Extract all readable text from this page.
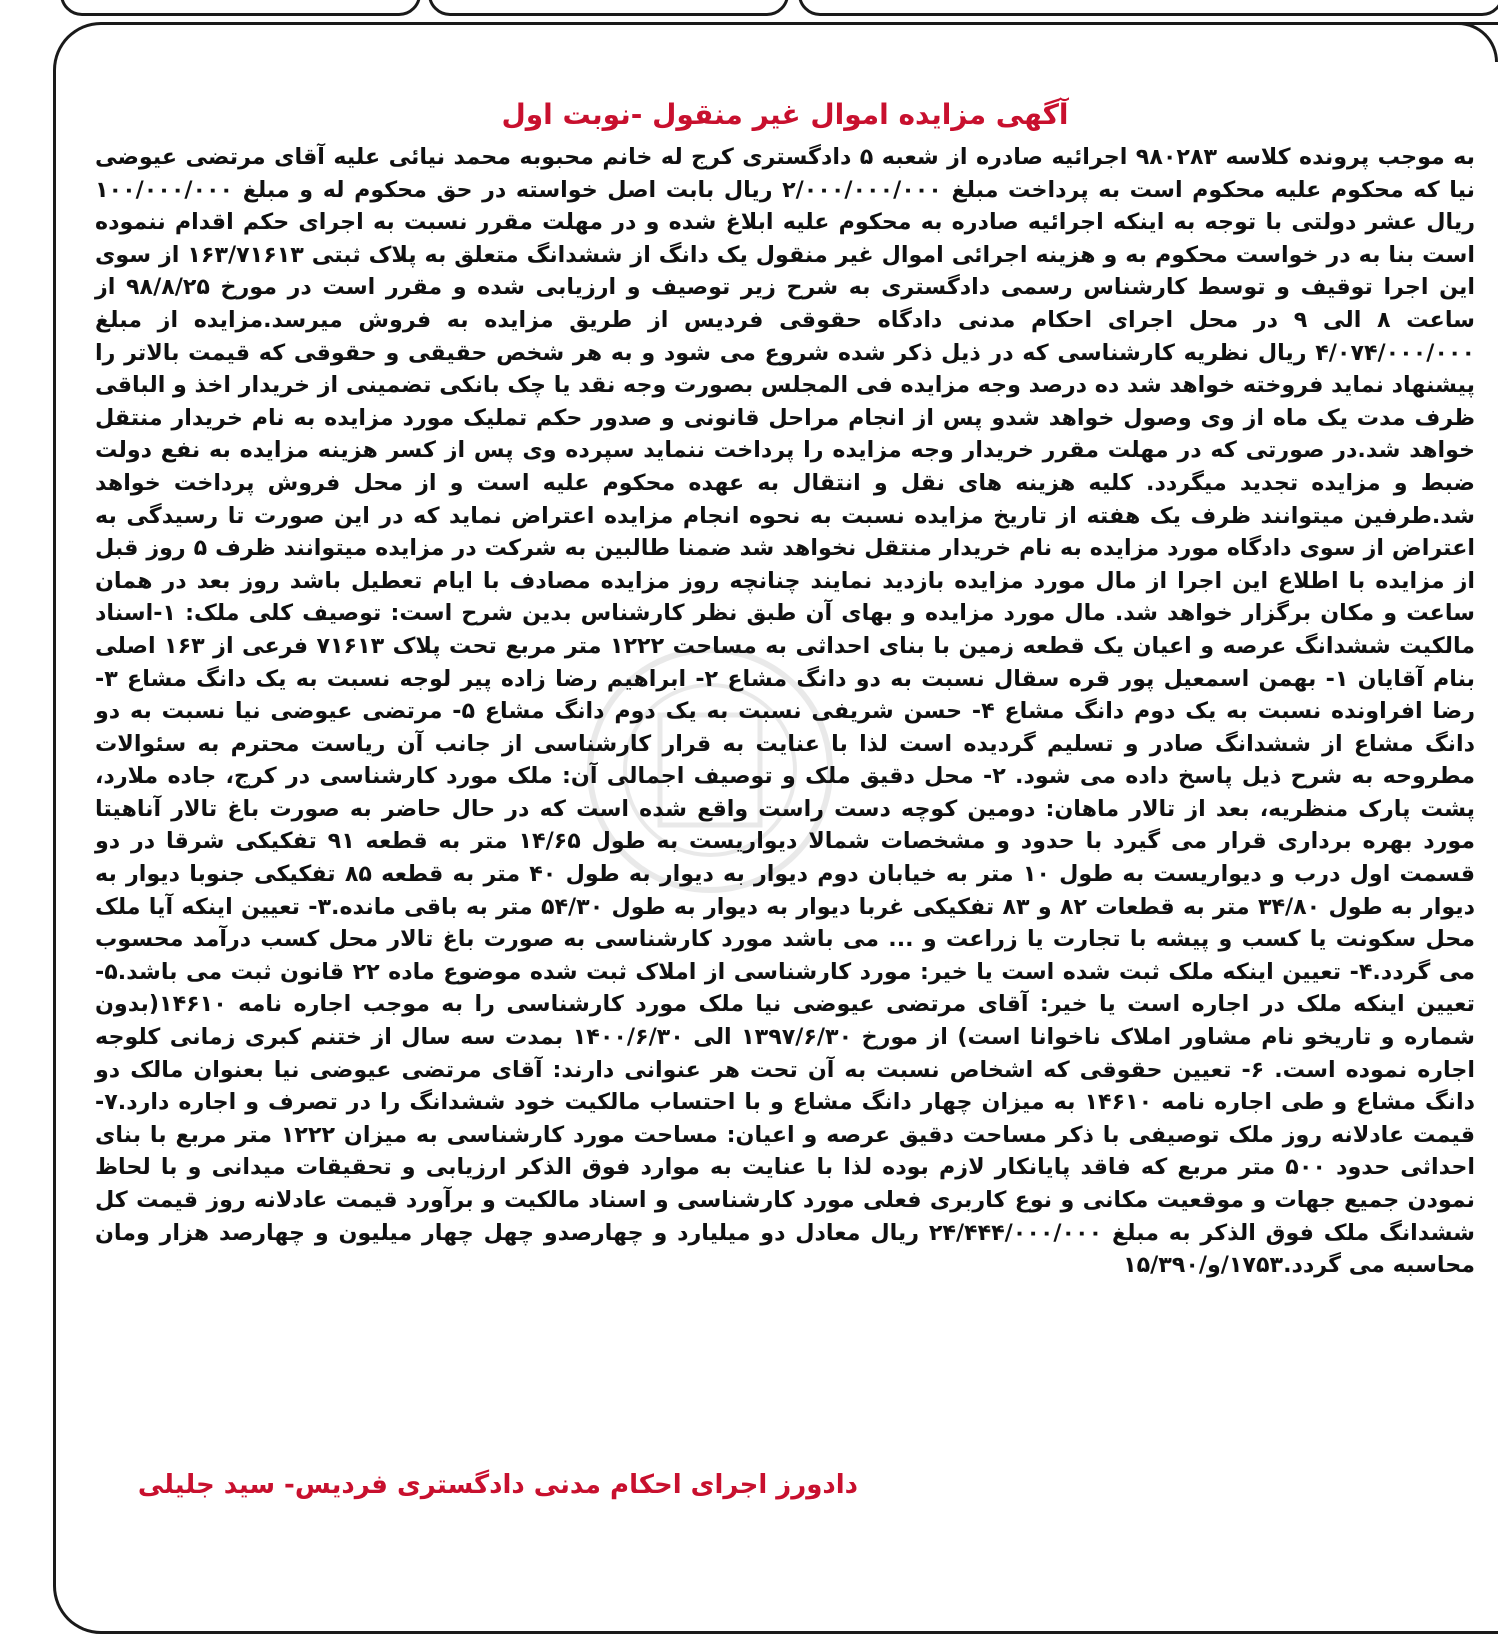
آگهی مزایده اموال غیر منقول -نوبت اول

به موجب پرونده کلاسه ۹۸۰۲۸۳ اجرائیه صادره از شعبه ۵ دادگستری کرج له خانم محبوبه محمد نیائی علیه آقای مرتضی عیوضی نیا که محکوم علیه محکوم است به پرداخت مبلغ ۲/۰۰۰/۰۰۰/۰۰۰ ریال بابت اصل خواسته در حق محکوم له و مبلغ ۱۰۰/۰۰۰/۰۰۰ ریال عشر دولتی با توجه به اینکه اجرائیه صادره به محکوم علیه ابلاغ شده و در مهلت مقرر نسبت به اجرای حکم اقدام ننموده است بنا به در خواست محکوم به و هزینه اجرائی اموال غیر منقول یک دانگ از ششدانگ متعلق به پلاک ثبتی ۱۶۳/۷۱۶۱۳ از سوی این اجرا توقیف و توسط کارشناس رسمی دادگستری به شرح زیر توصیف و ارزیابی شده و مقرر است در مورخ ۹۸/۸/۲۵ از ساعت ۸ الی ۹ در محل اجرای احکام مدنی دادگاه حقوقی فردیس از طریق مزایده به فروش میرسد.مزایده از مبلغ ۴/۰۷۴/۰۰۰/۰۰۰ ریال نظریه کارشناسی که در ذیل ذکر شده شروع می شود و به هر شخص حقیقی و حقوقی که قیمت بالاتر را پیشنهاد نماید فروخته خواهد شد ده درصد وجه مزایده فی المجلس بصورت وجه نقد یا چک بانکی تضمینی از خریدار اخذ و الباقی ظرف مدت یک ماه از وی وصول خواهد شدو پس از انجام مراحل قانونی و صدور حکم تملیک مورد مزایده به نام خریدار منتقل خواهد شد.در صورتی که در مهلت مقرر خریدار وجه مزایده را پرداخت ننماید سپرده وی پس از کسر هزینه مزایده به نفع دولت ضبط و مزایده تجدید میگردد. کلیه هزینه های نقل و انتقال به عهده محکوم علیه است و از محل فروش پرداخت خواهد شد.طرفین میتوانند ظرف یک هفته از تاریخ مزایده نسبت به نحوه انجام مزایده اعتراض نماید که در این صورت تا رسیدگی به اعتراض از سوی دادگاه مورد مزایده به نام خریدار منتقل نخواهد شد ضمنا طالبین به شرکت در مزایده میتوانند ظرف ۵ روز قبل از مزایده با اطلاع این اجرا از مال مورد مزایده بازدید نمایند چنانچه روز مزایده مصادف با ایام تعطیل باشد روز بعد در همان ساعت و مکان برگزار خواهد شد. مال مورد مزایده و بهای آن طبق نظر کارشناس بدین شرح است: توصیف کلی ملک: ۱-اسناد مالکیت ششدانگ عرصه و اعیان یک قطعه زمین با بنای احداثی به مساحت ۱۲۲۲ متر مربع تحت پلاک ۷۱۶۱۳ فرعی از ۱۶۳ اصلی بنام آقایان ۱- بهمن اسمعیل پور قره سقال نسبت به دو دانگ مشاع ۲- ابراهیم رضا زاده پیر لوجه نسبت به یک دانگ مشاع ۳- رضا افراونده نسبت به یک دوم دانگ مشاع ۴- حسن شریفی نسبت به یک دوم دانگ مشاع ۵- مرتضی عیوضی نیا نسبت به دو دانگ مشاع از ششدانگ صادر و تسلیم گردیده است لذا با عنایت به قرار کارشناسی از جانب آن ریاست محترم به سئوالات مطروحه به شرح ذیل پاسخ داده می شود. ۲- محل دقیق ملک و توصیف اجمالی آن: ملک مورد کارشناسی در کرج، جاده ملارد، پشت پارک منظریه، بعد از تالار ماهان: دومین کوچه دست راست واقع شده است که در حال حاضر به صورت باغ تالار آناهیتا مورد بهره برداری قرار می گیرد با حدود و مشخصات شمالا دیواریست به طول ۱۴/۶۵ متر به قطعه ۹۱ تفکیکی شرقا در دو قسمت اول درب و دیواریست به طول ۱۰ متر به خیابان دوم دیوار به دیوار به طول ۴۰ متر به قطعه ۸۵ تفکیکی جنوبا دیوار به دیوار به طول ۳۴/۸۰ متر به قطعات ۸۲ و ۸۳ تفکیکی غربا دیوار به دیوار به طول ۵۴/۳۰ متر به باقی مانده.۳- تعیین اینکه آیا ملک محل سکونت یا کسب و پیشه با تجارت یا زراعت و ... می باشد مورد کارشناسی به صورت باغ تالار محل کسب درآمد محسوب می گردد.۴- تعیین اینکه ملک ثبت شده است یا خیر: مورد کارشناسی از املاک ثبت شده موضوع ماده ۲۲ قانون ثبت می باشد.۵- تعیین اینکه ملک در اجاره است یا خیر: آقای مرتضی عیوضی نیا ملک مورد کارشناسی را به موجب اجاره نامه ۱۴۶۱۰(بدون شماره و تاریخو نام مشاور املاک ناخوانا است) از مورخ ۱۳۹۷/۶/۳۰ الی ۱۴۰۰/۶/۳۰ بمدت سه سال از ختنم کبری زمانی کلوجه اجاره نموده است. ۶- تعیین حقوقی که اشخاص نسبت به آن تحت هر عنوانی دارند: آقای مرتضی عیوضی نیا بعنوان مالک دو دانگ مشاع و طی اجاره نامه ۱۴۶۱۰ به میزان چهار دانگ مشاع و با احتساب مالکیت خود ششدانگ را در تصرف و اجاره دارد.۷- قیمت عادلانه روز ملک توصیفی با ذکر مساحت دقیق عرصه و اعیان: مساحت مورد کارشناسی به میزان ۱۲۲۲ متر مربع با بنای احداثی حدود ۵۰۰ متر مربع که فاقد پایانکار لازم بوده لذا با عنایت به موارد فوق الذکر ارزیابی و تحقیقات میدانی و با لحاظ نمودن جمیع جهات و موقعیت مکانی و نوع کاربری فعلی مورد کارشناسی و اسناد مالکیت و برآورد قیمت عادلانه روز قیمت کل ششدانگ ملک فوق الذکر به مبلغ ۲۴/۴۴۴/۰۰۰/۰۰۰ ریال معادل دو میلیارد و چهارصدو چهل چهار میلیون و چهارصد هزار ومان محاسبه می گردد.۱۷۵۳/و/۱۵/۳۹۰

دادورز اجرای احکام مدنی دادگستری فردیس- سید جلیلی
